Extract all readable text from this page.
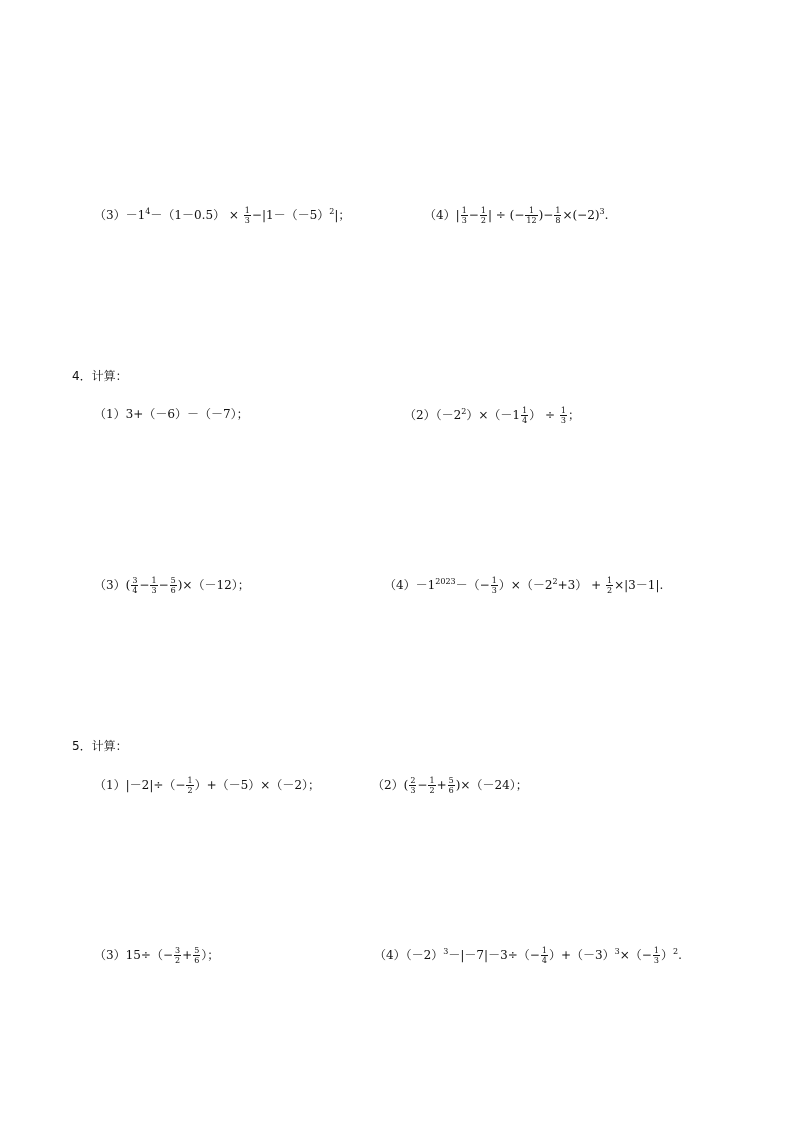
$(3)-1^4-(1-0.5) \times \frac{1}{3} -|1-(-5)^2|$；	$(4)| \frac{1}{3} - \frac{1}{2}$ | ÷ (− $\frac{1}{12}$ )− $\frac{1}{8} \times(-2)^3$.
4．计算：
（1）3+（－6）－（－7）；	$(2)(-2^2)\times(-1 \frac{1}{4}$ ） ÷ $\frac{1}{3}$ ；
$(3)( \frac{3}{4} - \frac{1}{3} - \frac{5}{6} )\times(-12)$；	$(4)-1^{2023}-(- \frac{1}{3} )\times(-2^2+3) + \frac{1}{2} \times|3-1|$.
5．计算：
$(1)|-2|\div(- \frac{1}{2} )+(-5)\times(-2)$；	$(2)( \frac{2}{3} - \frac{1}{2} + \frac{5}{6} )\times(-24)$；
$(3)15\div(- \frac{3}{2} + \frac{5}{6}$ ）；	$(4)(-2)^3-|-7|-3\div(- \frac{1}{4} )+(-3)^3\times(- \frac{1}{3} )^2$.
